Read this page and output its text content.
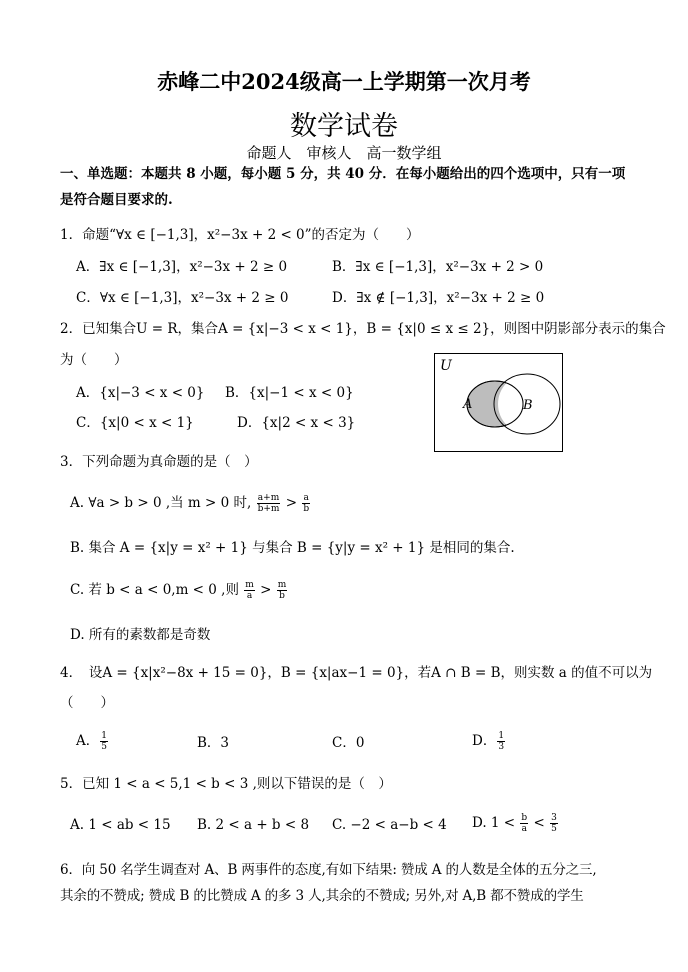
赤峰二中2024级高一上学期第一次月考
数学试卷
命题人　审核人　高一数学组
一、单选题：本题共 8 小题，每小题 5 分，共 40 分．在每小题给出的四个选项中，只有一项
是符合题目要求的.
1．命题“∀x ∈ [−1,3]，x²−3x + 2 < 0”的否定为（　　）
A．∃x ∈ [−1,3]，x²−3x + 2 ≥ 0	B．∃x ∈ [−1,3]，x²−3x + 2 > 0
C．∀x ∈ [−1,3]，x²−3x + 2 ≥ 0	D．∃x ∉ [−1,3]，x²−3x + 2 ≥ 0
2．已知集合U = R，集合A = {x|−3 < x < 1}，B = {x|0 ≤ x ≤ 2}，则图中阴影部分表示的集合
为（　　）
A．{x|−3 < x < 0} B．{x|−1 < x < 0}
C．{x|0 < x < 1}	D．{x|2 < x < 3}
U
A	B
3．下列命题为真命题的是（　）
A. ∀a > b > 0 ,当 m > 0 时, $\frac{a+m}{b+m} > \frac{a}{b}$
B. 集合 A = {x|y = x² + 1} 与集合 B = {y|y = x² + 1} 是相同的集合.
C. 若 b < a < 0,m < 0 ,则 $\frac{m}{a} > \frac{m}{b}$
D. 所有的素数都是奇数
4．　设A = {x|x²−8x + 15 = 0}，B = {x|ax−1 = 0}，若A ∩ B = B，则实数 a 的值不可以为
（　　）
A． $\frac{1}{5}$	B．3	C．0	D． $\frac{1}{3}$
5．已知 1 < a < 5,1 < b < 3 ,则以下错误的是（　）
A. 1 < ab < 15 B. 2 < a + b < 8 C. −2 < a−b < 4 D. $1 < \frac{b}{a} < \frac{3}{5}$
6．向 50 名学生调查对 A、B 两事件的态度,有如下结果: 赞成 A 的人数是全体的五分之三,
其余的不赞成; 赞成 B 的比赞成 A 的多 3 人,其余的不赞成; 另外,对 A,B 都不赞成的学生
